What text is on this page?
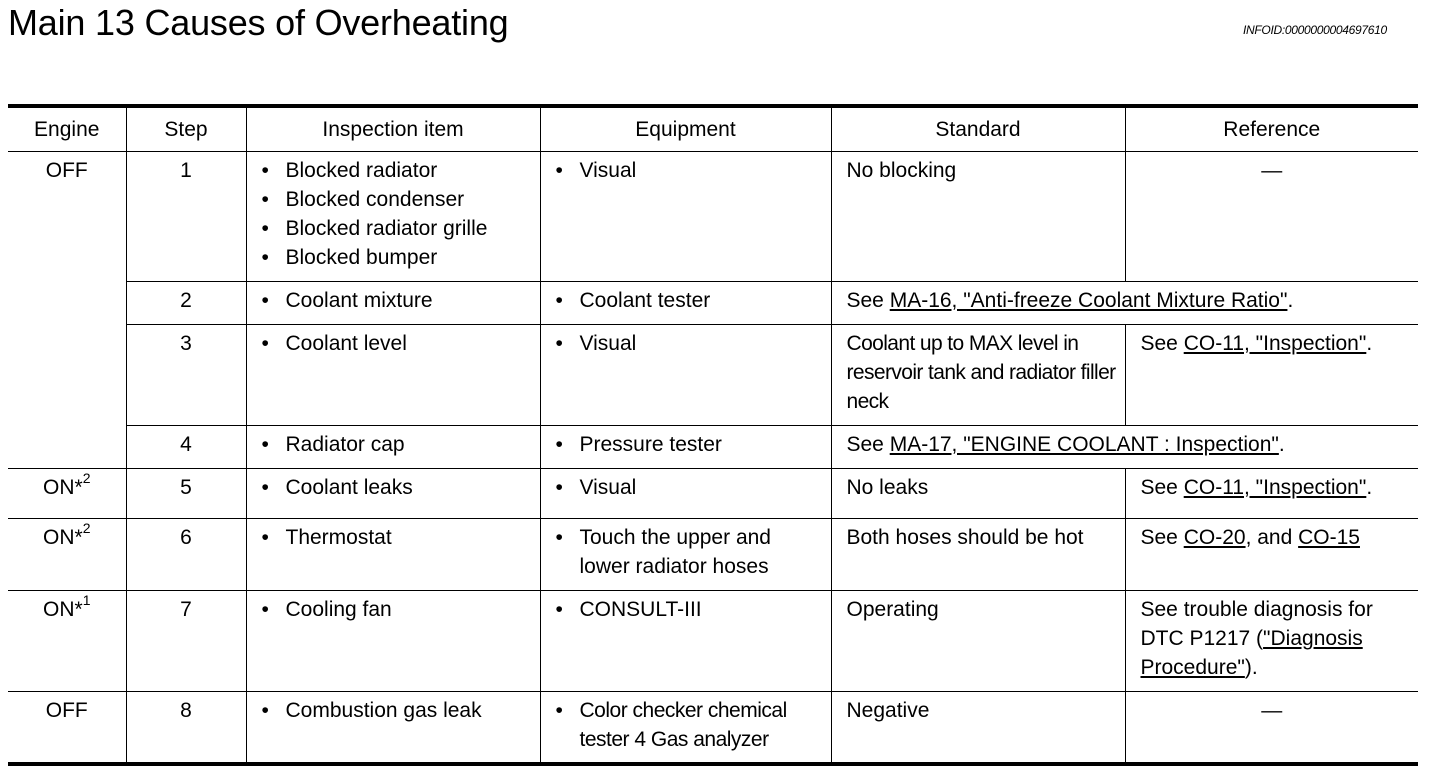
Main 13 Causes of Overheating	INFOID:0000000004697610
Engine	Step	Inspection item	Equipment	Standard	Reference
OFF	1	• Blocked radiator
• Blocked condenser
• Blocked radiator grille
• Blocked bumper	• Visual	No blocking	—
	2	• Coolant mixture	• Coolant tester	See MA-16, "Anti-freeze Coolant Mixture Ratio".	
	3	• Coolant level	• Visual	Coolant up to MAX level in reservoir tank and radiator filler neck	See CO-11, "Inspection".
	4	• Radiator cap	• Pressure tester	See MA-17, "ENGINE COOLANT : Inspection".	
ON*$^2$	5	• Coolant leaks	• Visual	No leaks	See CO-11, "Inspection".
ON*$^2$	6	• Thermostat	• Touch the upper and lower radiator hoses	Both hoses should be hot	See CO-20, and CO-15
ON*$^1$	7	• Cooling fan	• CONSULT-III	Operating	See trouble diagnosis for DTC P1217 ("Diagnosis Procedure").
OFF	8	• Combustion gas leak	• Color checker chemical tester 4 Gas analyzer	Negative	—
